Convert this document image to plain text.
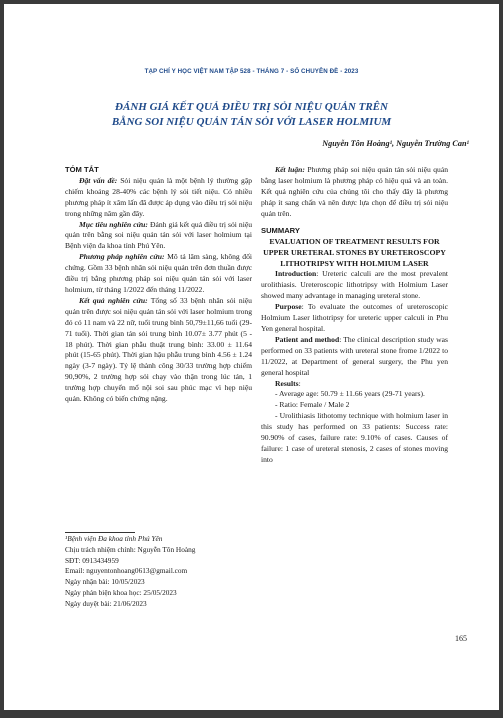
TẠP CHÍ Y HỌC VIỆT NAM TẬP 528 - THÁNG 7 - SỐ CHUYÊN ĐỀ - 2023
ĐÁNH GIÁ KẾT QUẢ ĐIỀU TRỊ SỎI NIỆU QUẢN TRÊN
BẰNG SOI NIỆU QUẢN TÁN SỎI VỚI LASER HOLMIUM
Nguyễn Tôn Hoàng¹, Nguyễn Trường Can¹

TÓM TẮT

Đặt vấn đề: Sỏi niệu quản là một bệnh lý thường gặp chiếm khoảng 28-40% các bệnh lý sỏi tiết niệu. Có nhiều phương pháp ít xâm lấn đã được áp dụng vào điều trị sỏi niệu trong những năm gần đây.

Mục tiêu nghiên cứu: Đánh giá kết quả điều trị sỏi niệu quản trên bằng soi niệu quản tán sỏi với laser holmium tại Bệnh viện đa khoa tỉnh Phú Yên.

Phương pháp nghiên cứu: Mô tả lâm sàng, không đối chứng. Gồm 33 bệnh nhân sỏi niệu quản trên đơn thuần được điều trị bằng phương pháp soi niệu quản tán sỏi với laser holmium, từ tháng 1/2022 đến tháng 11/2022.

Kết quả nghiên cứu: Tổng số 33 bệnh nhân sỏi niệu quản trên được soi niệu quản tán sỏi với laser holmium trong đó có 11 nam và 22 nữ, tuổi trung bình 50,79±11,66 tuổi (29-71 tuổi). Thời gian tán sỏi trung bình 10.07± 3.77 phút (5 - 18 phút). Thời gian phẫu thuật trung bình: 33.00 ± 11.64 phút (15-65 phút). Thời gian hậu phẫu trung bình 4.56 ± 1.24 ngày (3-7 ngày). Tỷ lệ thành công 30/33 trường hợp chiếm 90,90%, 2 trường hợp sỏi chạy vào thận trong lúc tán, 1 trường hợp chuyển mổ nội soi sau phúc mạc vì hẹp niệu quản. Không có biến chứng nặng.

¹Bệnh viện Đa khoa tỉnh Phú Yên

Chịu trách nhiệm chính: Nguyễn Tôn Hoàng

SĐT: 0913434959

Email: nguyentonhoang0613@gmail.com

Ngày nhận bài: 10/05/2023

Ngày phản biện khoa học: 25/05/2023

Ngày duyệt bài: 21/06/2023

Kết luận: Phương pháp soi niệu quản tán sỏi niệu quản bằng laser holmium là phương pháp có hiệu quả và an toàn. Kết quả nghiên cứu của chúng tôi cho thấy đây là phương pháp ít sang chấn và nên được lựa chọn để điều trị sỏi niệu quản trên.

SUMMARY

EVALUATION OF TREATMENT RESULTS FOR UPPER URETERAL STONES BY URETEROSCOPY LITHOTRIPSY WITH HOLMIUM LASER

Introduction: Ureteric calculi are the most prevalent urolithiasis. Ureteroscopic lithotripsy with Holmium Laser showed many advantage in managing ureteral stone.

Purpose: To evaluate the outcomes of ureteroscopic Holmium Laser lithotripsy for ureteric upper calculi in Phu Yen general hospital.

Patient and method: The clinical description study was performed on 33 patients with ureteral stone frome 1/2022 to 11/2022, at Department of general surgery, the Phu yen general hospital

Results:

- Average age: 50.79 ± 11.66 years (29-71 years).

- Ratio: Female / Male 2

- Urolithiasis lithotomy technique with holmium laser in this study has performed on 33 patients: Success rate: 90.90% of cases, failure rate: 9.10% of cases. Causes of failure: 1 case of ureteral stenosis, 2 cases of stones moving into

165
